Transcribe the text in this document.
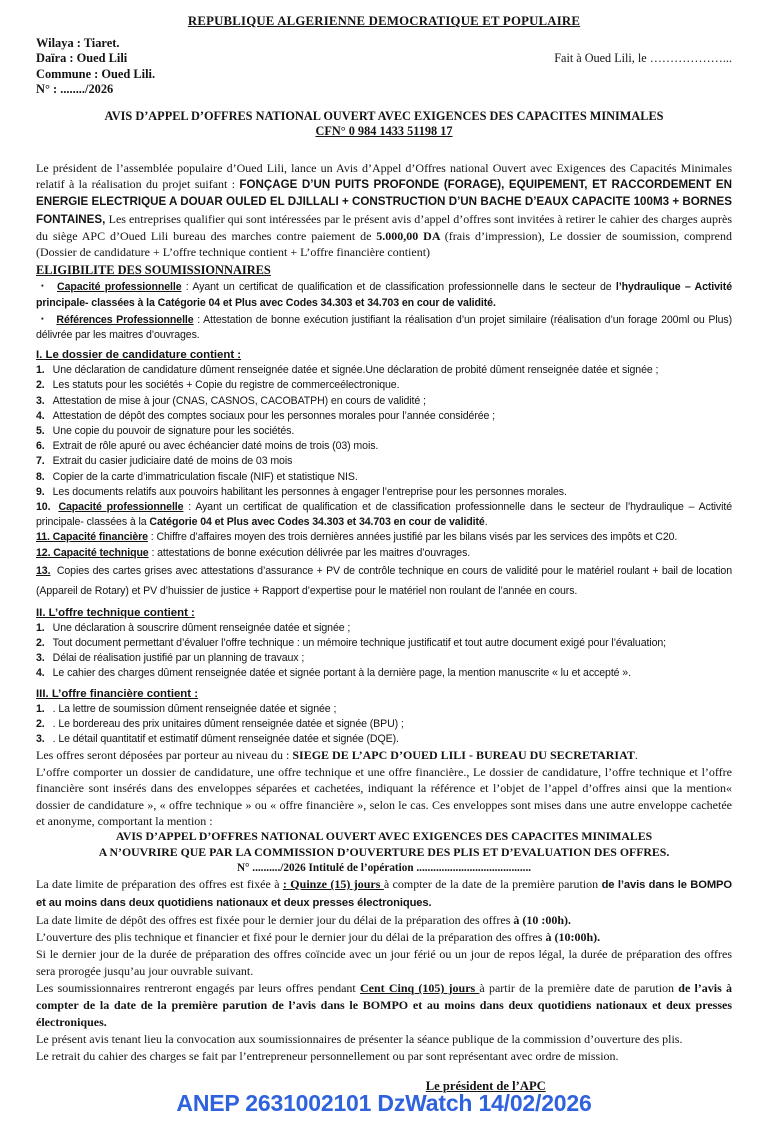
REPUBLIQUE ALGERIENNE DEMOCRATIQUE ET POPULAIRE
Wilaya : Tiaret.
Daïra : Oued Lili	Fait à Oued Lili, le ………………...
Commune : Oued Lili.
N° : ......../2026
AVIS D’APPEL D’OFFRES NATIONAL OUVERT AVEC EXIGENCES DES CAPACITES MINIMALES
CFN° 0 984 1433 51198 17
Le président de l’assemblée populaire d’Oued Lili, lance un Avis d’Appel d’Offres national Ouvert avec Exigences des Capacités Minimales relatif à la réalisation du projet suifant : FONÇAGE D’UN PUITS PROFONDE (FORAGE), EQUIPEMENT, ET RACCORDEMENT EN ENERGIE ELECTRIQUE A DOUAR OULED EL DJILLALI + CONSTRUCTION D’UN BACHE D’EAUX CAPACITE 100M3 + BORNES FONTAINES, Les entreprises qualifier qui sont intéressées par le présent avis d’appel d’offres sont invitées à retirer le cahier des charges auprès du siège APC d’Oued Lili bureau des marches contre paiement de 5.000,00 DA (frais d’impression), Le dossier de soumission, comprend (Dossier de candidature + L’offre technique contient + L’offre financière contient)
ELIGIBILITE DES SOUMISSIONNAIRES
▪ Capacité professionnelle : Ayant un certificat de qualification et de classification professionnelle dans le secteur de l’hydraulique – Activité principale- classées à la Catégorie 04 et Plus avec Codes 34.303 et 34.703 en cour de validité.
▪ Références Professionnelle : Attestation de bonne exécution justifiant la réalisation d’un projet similaire (réalisation d’un forage 200ml ou Plus) délivrée par les maitres d’ouvrages.
I. Le dossier de candidature contient :
1. Une déclaration de candidature dûment renseignée datée et signée.Une déclaration de probité dûment renseignée datée et signée ;
2. Les statuts pour les sociétés + Copie du registre de commerceélectronique.
3. Attestation de mise à jour (CNAS, CASNOS, CACOBATPH) en cours de validité ;
4. Attestation de dépôt des comptes sociaux pour les personnes morales pour l’année considérée ;
5. Une copie du pouvoir de signature pour les sociétés.
6. Extrait de rôle apuré ou avec échéancier daté moins de trois (03) mois.
7. Extrait du casier judiciaire daté de moins de 03 mois
8. Copier de la carte d’immatriculation fiscale (NIF) et statistique NIS.
9. Les documents relatifs aux pouvoirs habilitant les personnes à engager l’entreprise pour les personnes morales.
10. Capacité professionnelle : Ayant un certificat de qualification et de classification professionnelle dans le secteur de l’hydraulique – Activité principale- classées à la Catégorie 04 et Plus avec Codes 34.303 et 34.703 en cour de validité.
11. Capacité financière : Chiffre d’affaires moyen des trois dernières années justifié par les bilans visés par les services des impôts et C20.
12. Capacité technique : attestations de bonne exécution délivrée par les maitres d’ouvrages.
13. Copies des cartes grises avec attestations d’assurance + PV de contrôle technique en cours de validité pour le matériel roulant + bail de location (Appareil de Rotary) et PV d’huissier de justice + Rapport d’expertise pour le matériel non roulant de l’année en cours.
II. L’offre technique contient :
1. Une déclaration à souscrire dûment renseignée datée et signée ;
2. Tout document permettant d’évaluer l’offre technique : un mémoire technique justificatif et tout autre document exigé pour l’évaluation;
3. Délai de réalisation justifié par un planning de travaux ;
4. Le cahier des charges dûment renseignée datée et signée portant à la dernière page, la mention manuscrite « lu et accepté ».
III. L’offre financière contient :
1. . La lettre de soumission dûment renseignée datée et signée ;
2. . Le bordereau des prix unitaires dûment renseignée datée et signée (BPU) ;
3. . Le détail quantitatif et estimatif dûment renseignée datée et signée (DQE).
Les offres seront déposées par porteur au niveau du : SIEGE DE L’APC D’OUED LILI - BUREAU DU SECRETARIAT.
L’offre comporter un dossier de candidature, une offre technique et une offre financière., Le dossier de candidature, l’offre technique et l’offre financière sont insérés dans des enveloppes séparées et cachetées, indiquant la référence et l’objet de l’appel d’offres ainsi que la mention« dossier de candidature », « offre technique » ou « offre financière », selon le cas. Ces enveloppes sont mises dans une autre enveloppe cachetée et anonyme, comportant la mention :
AVIS D’APPEL D’OFFRES NATIONAL OUVERT AVEC EXIGENCES DES CAPACITES MINIMALES
A N’OUVRIRE QUE PAR LA COMMISSION D’OUVERTURE DES PLIS ET D’EVALUATION DES OFFRES.
N° ........../2026 Intitulé de l’opération .........................................
La date limite de préparation des offres est fixée à : Quinze (15) jours à compter de la date de la première parution de l’avis dans le BOMPO et au moins dans deux quotidiens nationaux et deux presses électroniques.
La date limite de dépôt des offres est fixée pour le dernier jour du délai de la préparation des offres à (10 :00h).
L’ouverture des plis technique et financier et fixé pour le dernier jour du délai de la préparation des offres à (10:00h).
Si le dernier jour de la durée de préparation des offres coïncide avec un jour férié ou un jour de repos légal, la durée de préparation des offres sera prorogée jusqu’au jour ouvrable suivant.
Les soumissionnaires rentreront engagés par leurs offres pendant Cent Cinq (105) jours à partir de la première date de parution de l’avis à compter de la date de la première parution de l’avis dans le BOMPO et au moins dans deux quotidiens nationaux et deux presses électroniques.
Le présent avis tenant lieu la convocation aux soumissionnaires de présenter la séance publique de la commission d’ouverture des plis.
Le retrait du cahier des charges se fait par l’entrepreneur personnellement ou par sont représentant avec ordre de mission.
Le président de l’APC
ANEP 2631002101 DzWatch 14/02/2026
